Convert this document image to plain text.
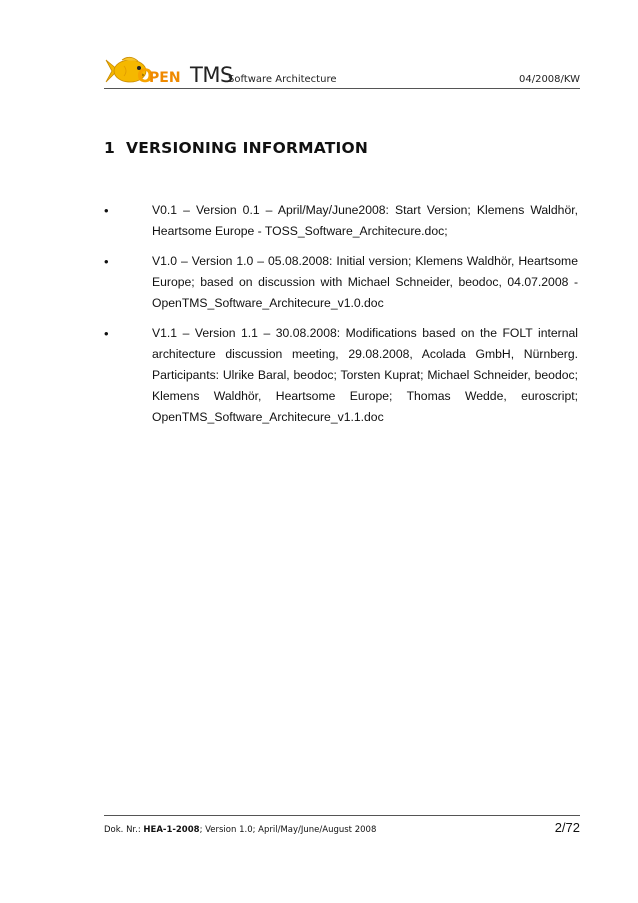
O
PEN TMS
Software Architecture	04/2008/KW
1 VERSIONING INFORMATION
•	V0.1 – Version 0.1 – April/May/June2008: Start Version; Klemens Waldhör, Heartsome Europe - TOSS_Software_Architecure.doc;
•	V1.0 – Version 1.0 – 05.08.2008: Initial version; Klemens Waldhör, Heartsome Europe; based on discussion with Michael Schneider, beodoc, 04.07.2008 - OpenTMS_Software_Architecure_v1.0.doc
•	V1.1 – Version 1.1 – 30.08.2008: Modifications based on the FOLT internal architecture discussion meeting, 29.08.2008, Acolada GmbH, Nürnberg. Participants: Ulrike Baral, beodoc; Torsten Kuprat; Michael Schneider, beodoc; Klemens Waldhör, Heartsome Europe; Thomas Wedde, euroscript; OpenTMS_Software_Architecure_v1.1.doc
Dok. Nr.: HEA-1-2008; Version 1.0; April/May/June/August 2008	2/72
